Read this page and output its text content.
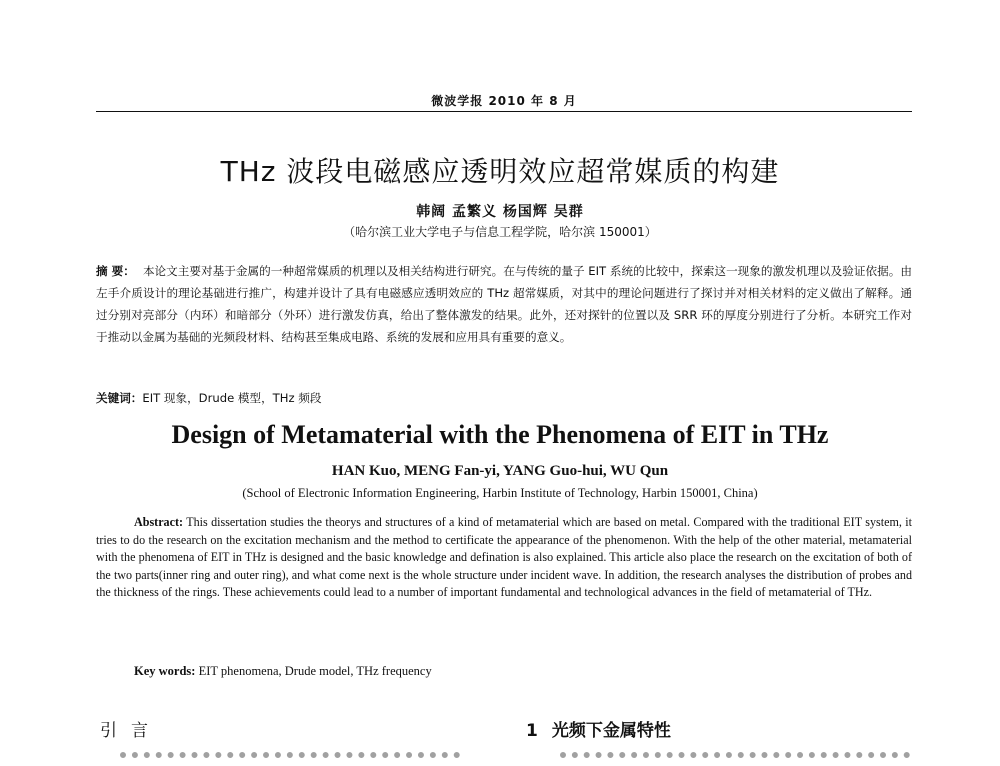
微波学报 2010 年 8 月
THz 波段电磁感应透明效应超常媒质的构建
韩阔 孟繁义 杨国辉 吴群
（哈尔滨工业大学电子与信息工程学院，哈尔滨 150001）

摘 要： 本论文主要对基于金属的一种超常媒质的机理以及相关结构进行研究。在与传统的量子 EIT 系统的比较中，探索这一现象的激发机理以及验证依据。由左手介质设计的理论基础进行推广，构建并设计了具有电磁感应透明效应的 THz 超常媒质，对其中的理论问题进行了探讨并对相关材料的定义做出了解释。通过分别对亮部分（内环）和暗部分（外环）进行激发仿真，给出了整体激发的结果。此外，还对探针的位置以及 SRR 环的厚度分别进行了分析。本研究工作对于推动以金属为基础的光频段材料、结构甚至集成电路、系统的发展和应用具有重要的意义。

关键词：EIT 现象，Drude 模型，THz 频段
Design of Metamaterial with the Phenomena of EIT in THz
HAN Kuo, MENG Fan-yi, YANG Guo-hui, WU Qun
(School of Electronic Information Engineering, Harbin Institute of Technology, Harbin 150001, China)

Abstract: This dissertation studies the theorys and structures of a kind of metamaterial which are based on metal. Compared with the traditional EIT system, it tries to do the research on the excitation mechanism and the method to certificate the appearance of the phenomenon. With the help of the other material, metamaterial with the phenomena of EIT in THz is designed and the basic knowledge and defination is also explained. This article also place the research on the excitation of both of the two parts(inner ring and outer ring), and what come next is the whole structure under incident wave. In addition, the research analyses the distribution of probes and the thickness of the rings. These achievements could lead to a number of important fundamental and technological advances in the field of metamaterial of THz.

Key words: EIT phenomena, Drude model, THz frequency
引言	1 光频下金属特性
